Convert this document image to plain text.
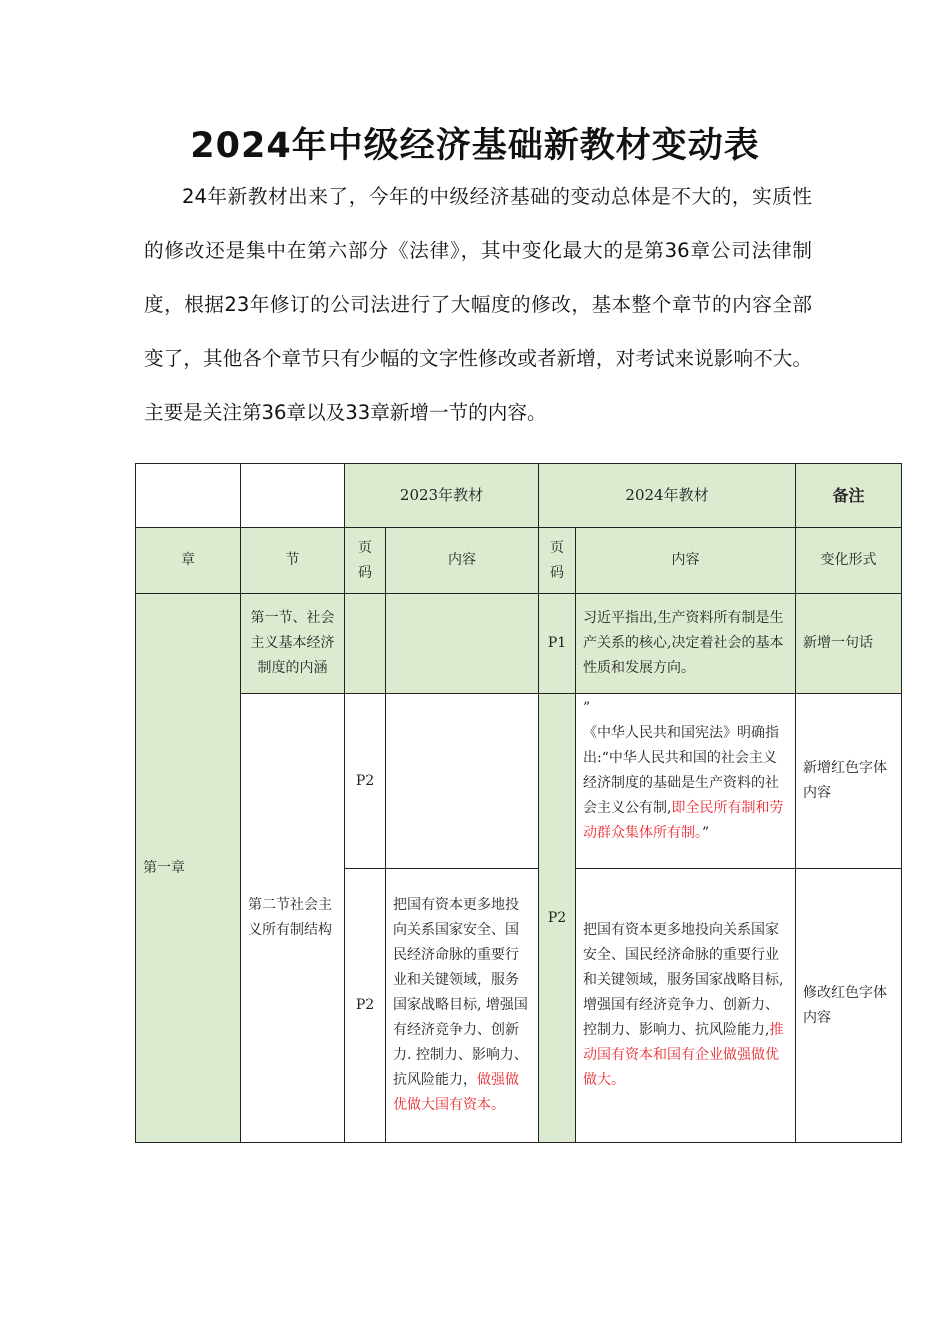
2024年中级经济基础新教材变动表

24年新教材出来了，今年的中级经济基础的变动总体是不大的，实质性的修改还是集中在第六部分《法律》，其中变化最大的是第36章公司法律制度，根据23年修订的公司法进行了大幅度的修改，基本整个章节的内容全部变了，其他各个章节只有少幅的文字性修改或者新增，对考试来说影响不大。主要是关注第36章以及33章新增一节的内容。

		2023年教材		2024年教材		备注
章	节	页码	内容	页码	内容	变化形式
第一章	第一节、社会主义基本经济制度的内涵			P1	习近平指出,生产资料所有制是生产关系的核心,决定着社会的基本性质和发展方向。	新增一句话
	第二节社会主义所有制结构	P2		P2	”
《中华人民共和国宪法》明确指出:“中华人民共和国的社会主义经济制度的基础是生产资料的社会主义公有制,即全民所有制和劳动群众集体所有制。”	新增红色字体内容
		P2	把国有资本更多地投向关系国家安全、国民经济命脉的重要行业和关键领域，服务国家战略目标, 增强国有经济竞争力、创新力. 控制力、影响力、抗风险能力，做强做优做大国有资本。		把国有资本更多地投向关系国家安全、国民经济命脉的重要行业和关键领域，服务国家战略目标, 增强国有经济竞争力、创新力、控制力、影响力、抗风险能力,推动国有资本和国有企业做强做优做大。	修改红色字体内容
